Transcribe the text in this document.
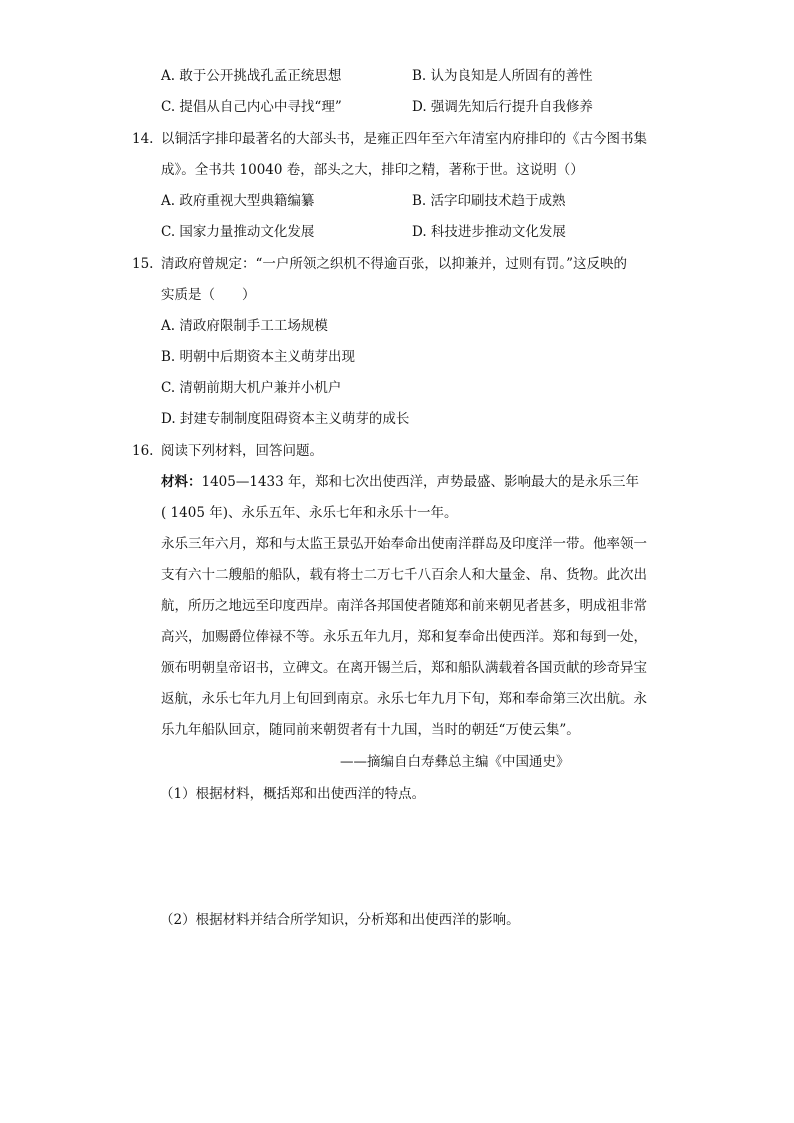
A. 敢于公开挑战孔孟正统思想	B. 认为良知是人所固有的善性
C. 提倡从自己内心中寻找“理”	D. 强调先知后行提升自我修养
14. 以铜活字排印最著名的大部头书，是雍正四年至六年清室内府排印的《古今图书集
成》。全书共 10040 卷，部头之大，排印之精，著称于世。这说明（）
A. 政府重视大型典籍编纂	B. 活字印刷技术趋于成熟
C. 国家力量推动文化发展	D. 科技进步推动文化发展
15. 清政府曾规定：“一户所领之织机不得逾百张，以抑兼并，过则有罚。”这反映的
实质是（　　）
A. 清政府限制手工工场规模
B. 明朝中后期资本主义萌芽出现
C. 清朝前期大机户兼并小机户
D. 封建专制制度阻碍资本主义萌芽的成长
16. 阅读下列材料，回答问题。
材料：1405—1433 年，郑和七次出使西洋，声势最盛、影响最大的是永乐三年
( 1405 年)、永乐五年、永乐七年和永乐十一年。
永乐三年六月，郑和与太监王景弘开始奉命出使南洋群岛及印度洋一带。他率领一
支有六十二艘船的船队，载有将士二万七千八百余人和大量金、帛、货物。此次出
航，所历之地远至印度西岸。南洋各邦国使者随郑和前来朝见者甚多，明成祖非常
高兴，加赐爵位俸禄不等。永乐五年九月，郑和复奉命出使西洋。郑和每到一处，
颁布明朝皇帝诏书，立碑文。在离开锡兰后，郑和船队满载着各国贡献的珍奇异宝
返航，永乐七年九月上旬回到南京。永乐七年九月下旬，郑和奉命第三次出航。永
乐九年船队回京，随同前来朝贺者有十九国，当时的朝廷“万使云集”。
——摘编自白寿彝总主编《中国通史》
（1）根据材料，概括郑和出使西洋的特点。
（2）根据材料并结合所学知识，分析郑和出使西洋的影响。
